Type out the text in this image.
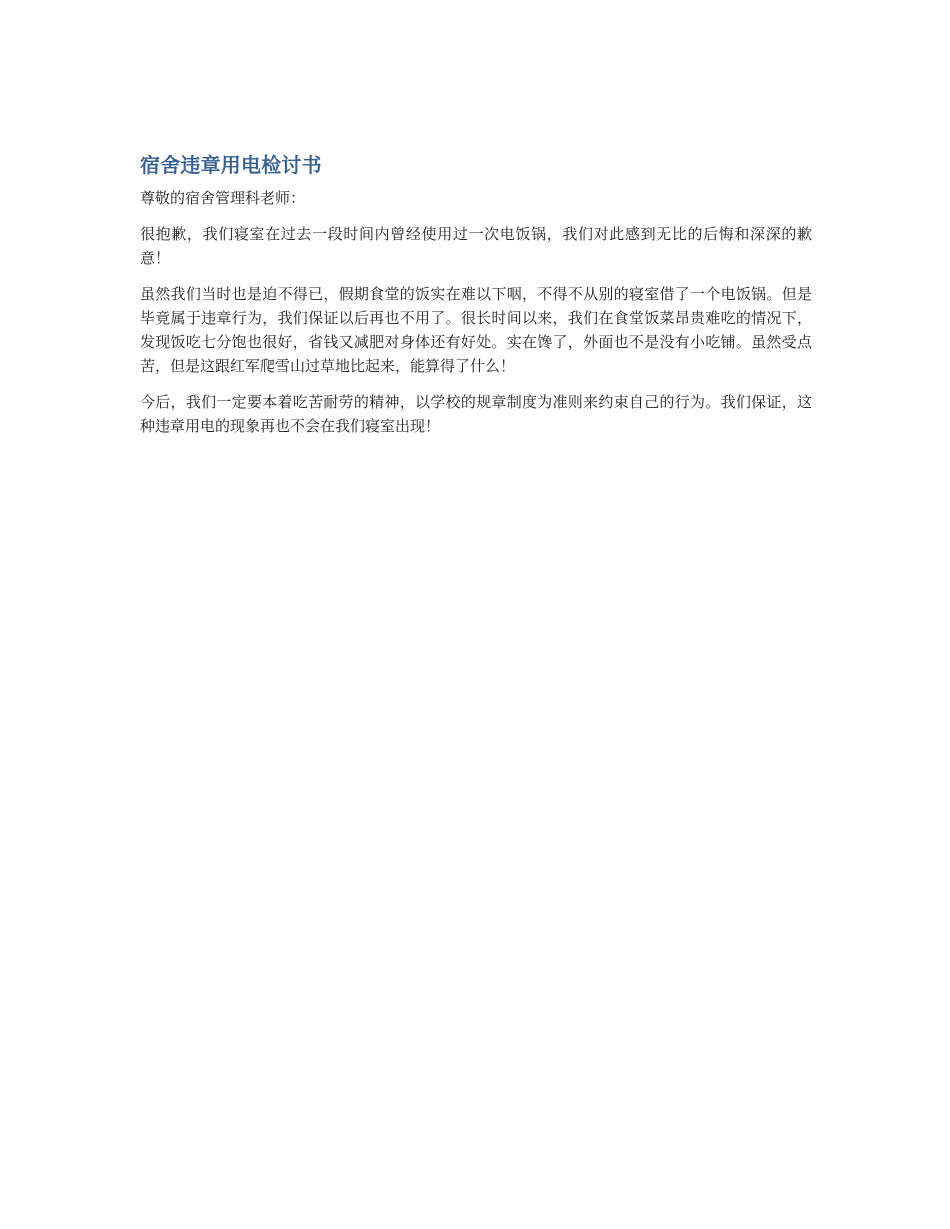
宿舍违章用电检讨书

尊敬的宿舍管理科老师：

很抱歉，我们寝室在过去一段时间内曾经使用过一次电饭锅，我们对此感到无比的后悔和深深的歉意！

虽然我们当时也是迫不得已，假期食堂的饭实在难以下咽，不得不从别的寝室借了一个电饭锅。但是毕竟属于违章行为，我们保证以后再也不用了。很长时间以来，我们在食堂饭菜昂贵难吃的情况下，发现饭吃七分饱也很好，省钱又减肥对身体还有好处。实在馋了，外面也不是没有小吃铺。虽然受点苦，但是这跟红军爬雪山过草地比起来，能算得了什么！

今后，我们一定要本着吃苦耐劳的精神，以学校的规章制度为准则来约束自己的行为。我们保证，这种违章用电的现象再也不会在我们寝室出现！
